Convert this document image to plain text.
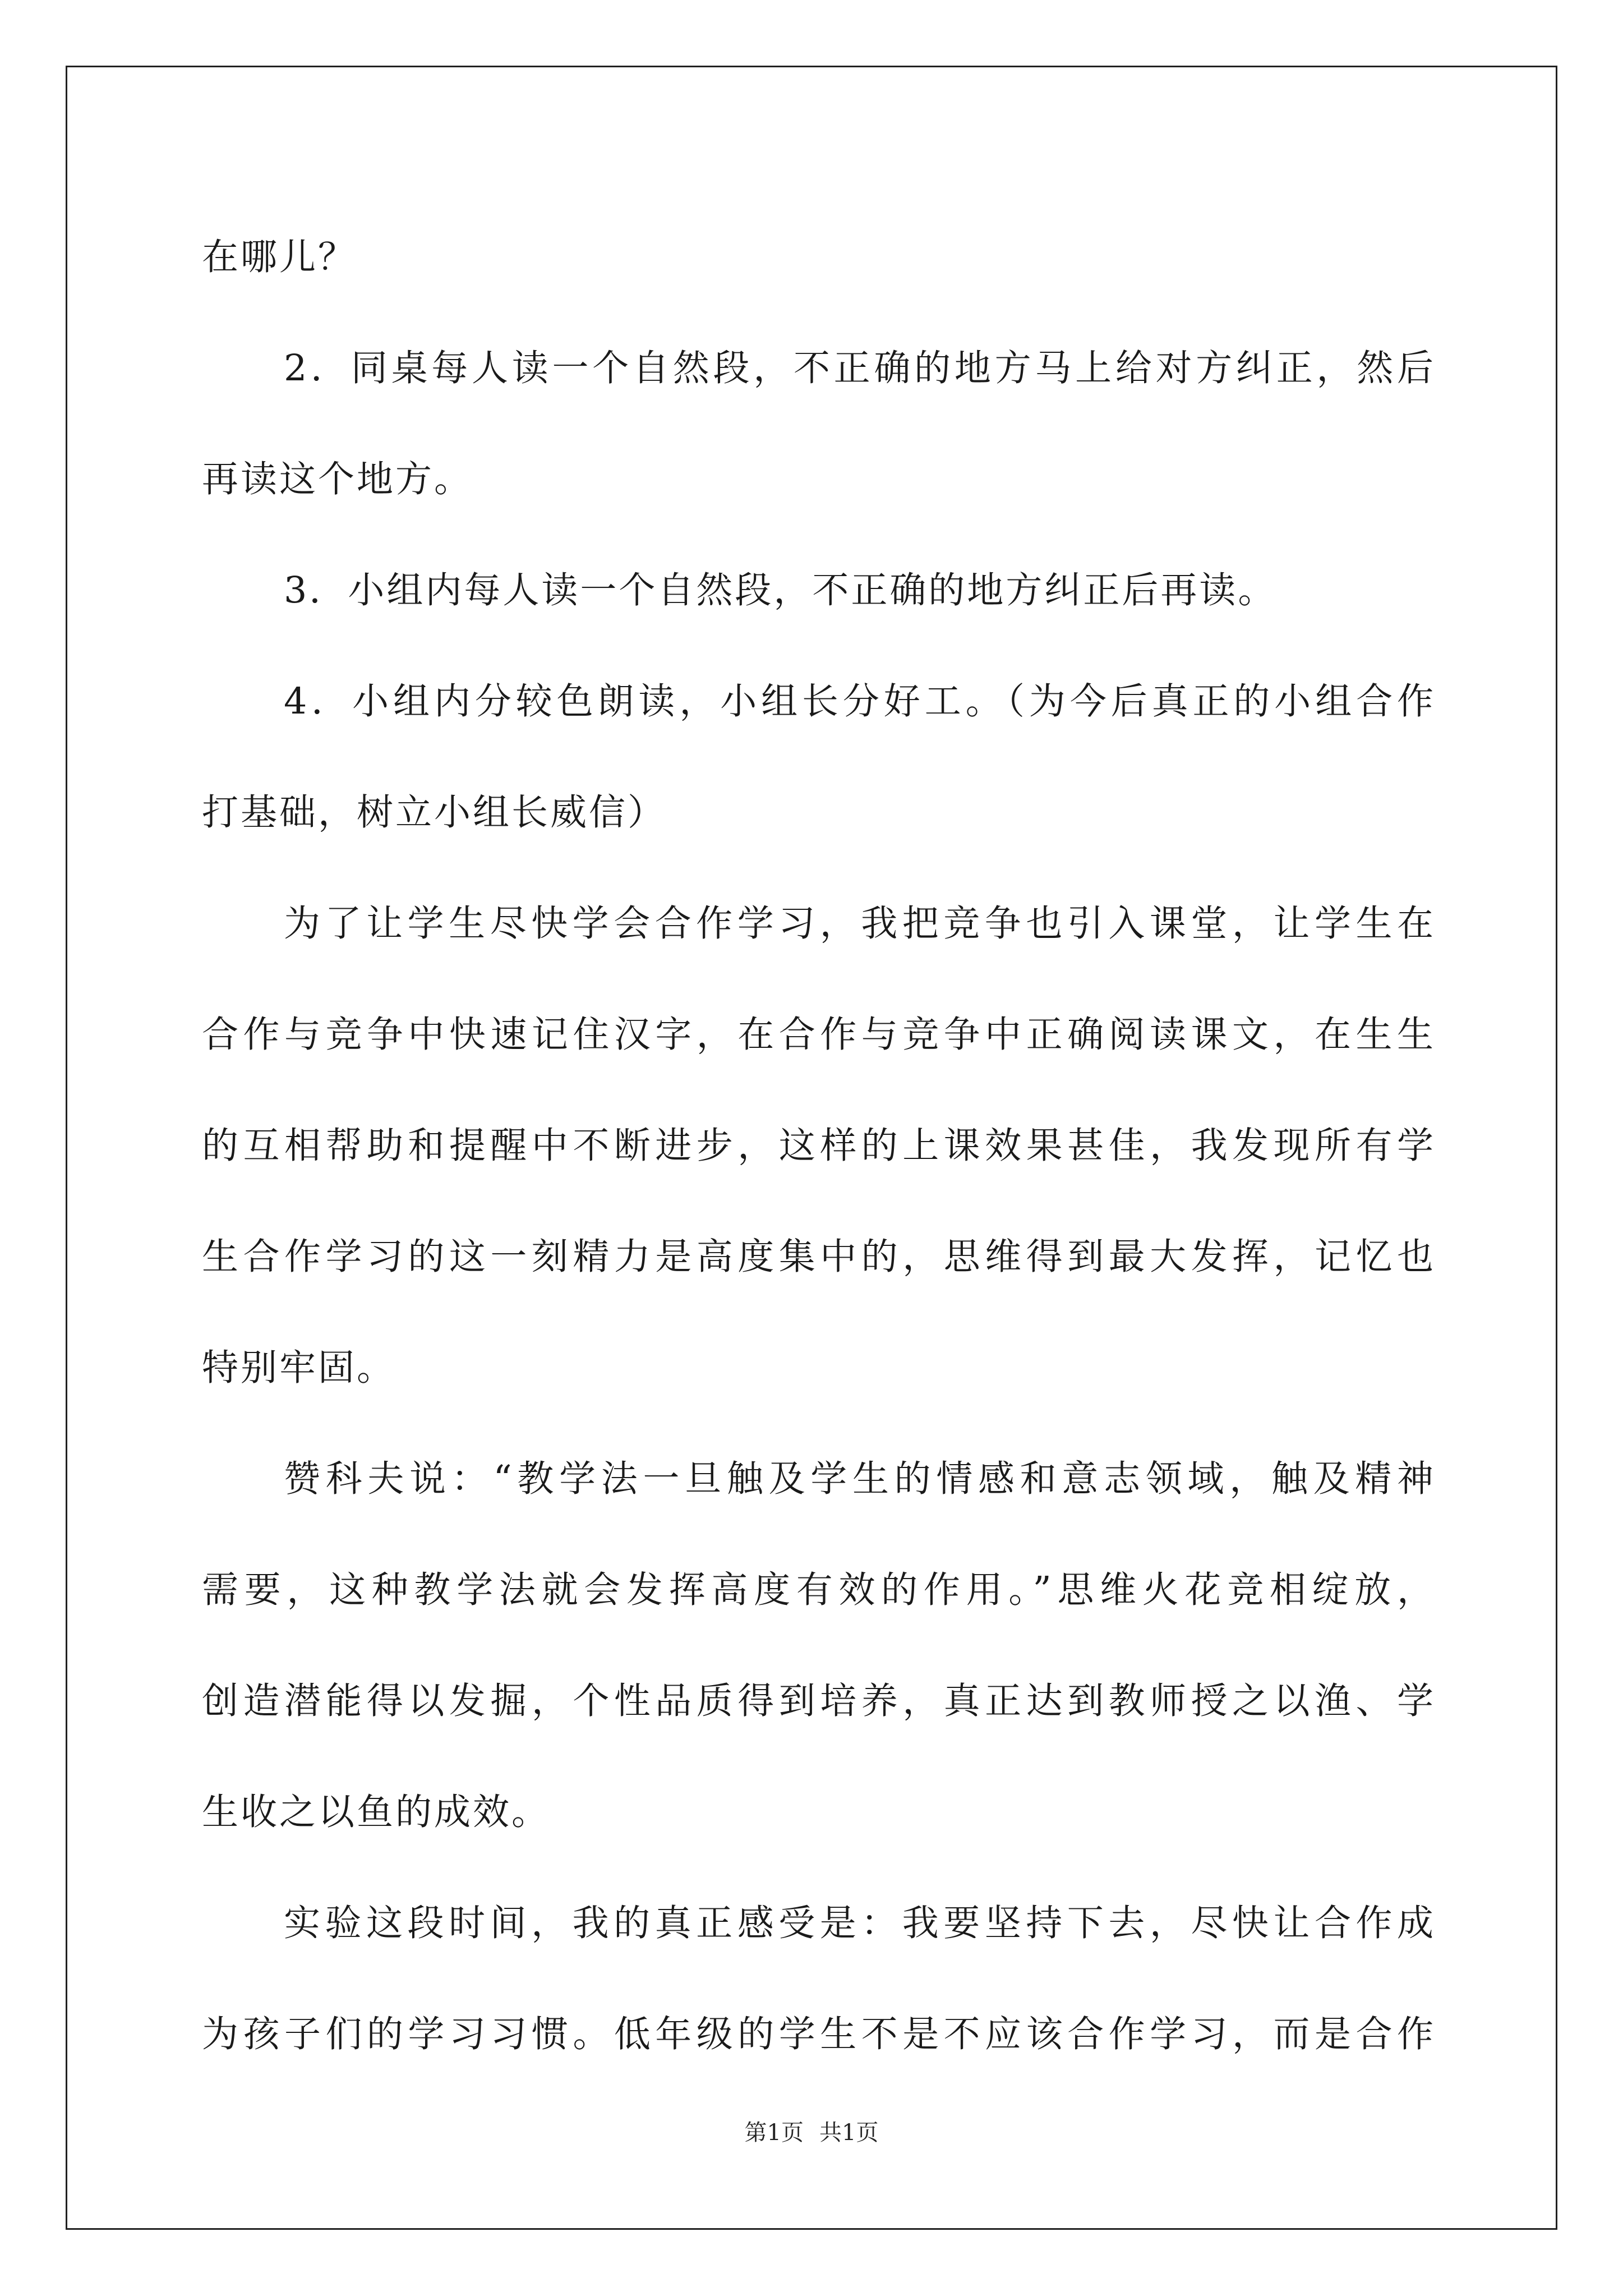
在哪儿？
2．同桌每人读一个自然段，不正确的地方马上给对方纠正，然后
再读这个地方。
3．小组内每人读一个自然段，不正确的地方纠正后再读。
4．小组内分较色朗读，小组长分好工。（为今后真正的小组合作
打基础，树立小组长威信）
为了让学生尽快学会合作学习，我把竞争也引入课堂，让学生在
合作与竞争中快速记住汉字，在合作与竞争中正确阅读课文，在生生
的互相帮助和提醒中不断进步，这样的上课效果甚佳，我发现所有学
生合作学习的这一刻精力是高度集中的，思维得到最大发挥，记忆也
特别牢固。
赞科夫说：“教学法一旦触及学生的情感和意志领域，触及精神
需要，这种教学法就会发挥高度有效的作用。”思维火花竞相绽放，
创造潜能得以发掘，个性品质得到培养，真正达到教师授之以渔、学
生收之以鱼的成效。
实验这段时间，我的真正感受是：我要坚持下去，尽快让合作成
为孩子们的学习习惯。低年级的学生不是不应该合作学习，而是合作
第1页 共1页
